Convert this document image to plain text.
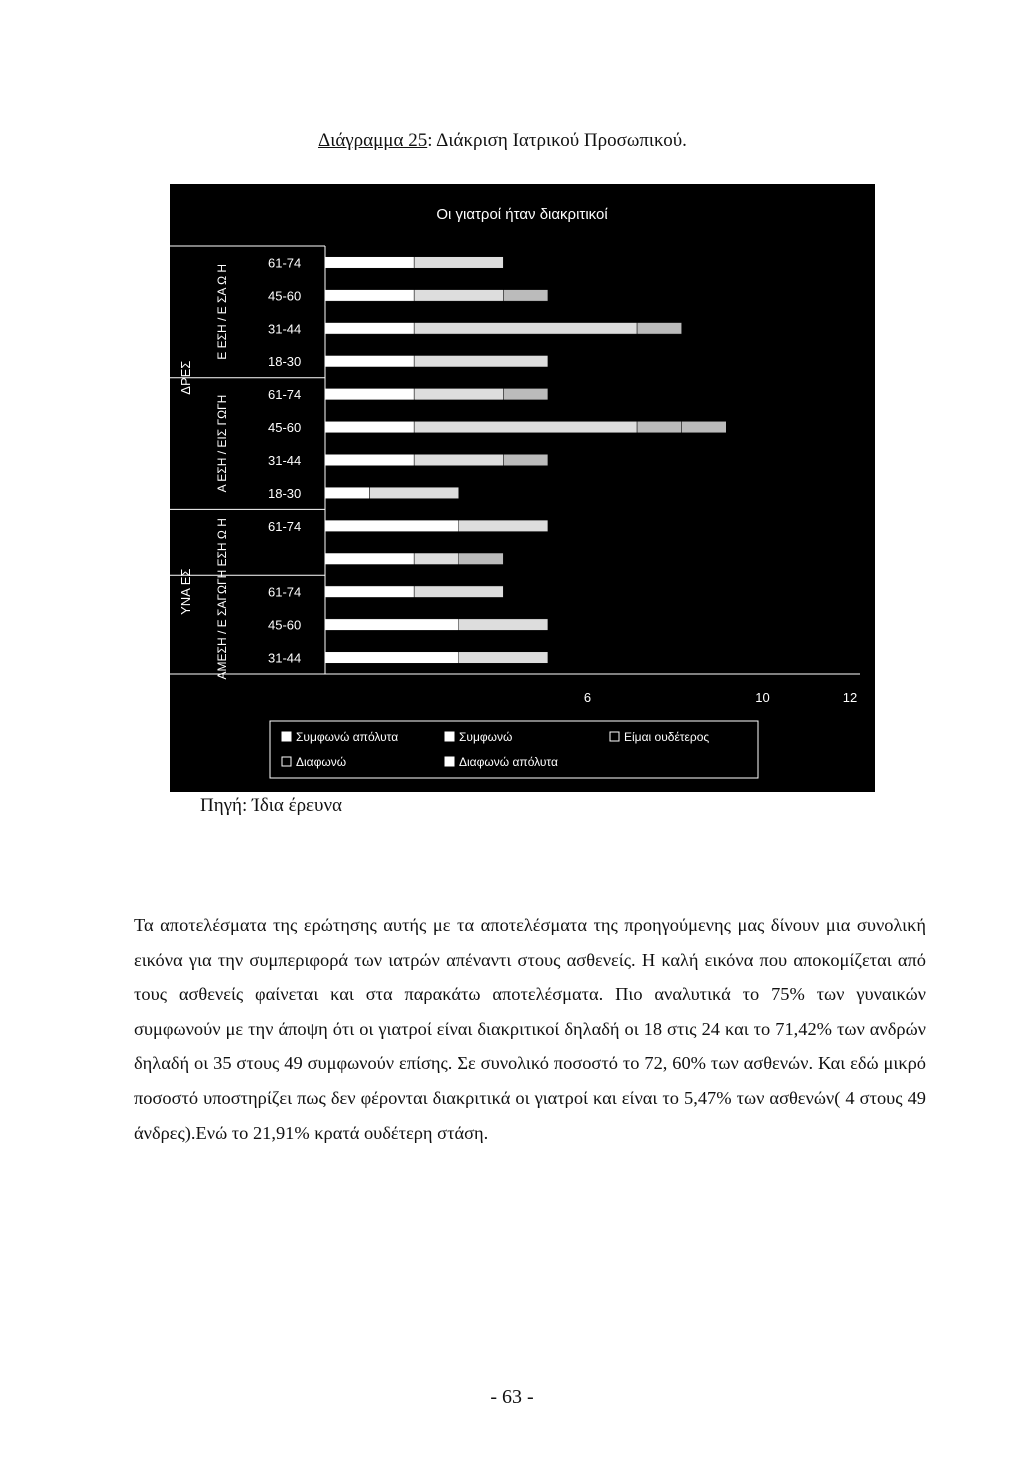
Διάγραμμα 25: Διάκριση Ιατρικού Προσωπικού.
Οι γιατροί ήταν διακριτικοί
Ε ΕΣΗ / Ε ΣΑ Ω Η
Α ΕΣΗ / ΕΙΣ ΓΩΓΗ
ΕΣΗ Ω Η
ΑΜΕΣΗ / Ε ΣΑΓΩΓΗ
ΔΡΕΣ
ΥΝΑ ΕΣ
61-74
45-60
31-44
18-30
61-74
45-60
31-44
18-30
61-74
61-74
45-60
31-44
6	10	12
Συμφωνώ απόλυτα	Συμφωνώ	Είμαι ουδέτερος
Διαφωνώ	Διαφωνώ απόλυτα
Πηγή: Ίδια έρευνα

Τα αποτελέσματα της ερώτησης αυτής με τα αποτελέσματα της προηγούμενης μας δίνουν μια συνολική εικόνα για την συμπεριφορά των ιατρών απέναντι στους ασθενείς. Η καλή εικόνα που αποκομίζεται από τους ασθενείς φαίνεται και στα παρακάτω αποτελέσματα. Πιο αναλυτικά το 75% των γυναικών συμφωνούν με την άποψη ότι οι γιατροί είναι διακριτικοί δηλαδή οι 18 στις 24 και το 71,42% των ανδρών δηλαδή οι 35 στους 49 συμφωνούν επίσης. Σε συνολικό ποσοστό το 72, 60% των ασθενών. Και εδώ μικρό ποσοστό υποστηρίζει πως δεν φέρονται διακριτικά οι γιατροί και είναι το 5,47% των ασθενών( 4 στους 49 άνδρες).Ενώ το 21,91% κρατά ουδέτερη στάση.

- 63 -
